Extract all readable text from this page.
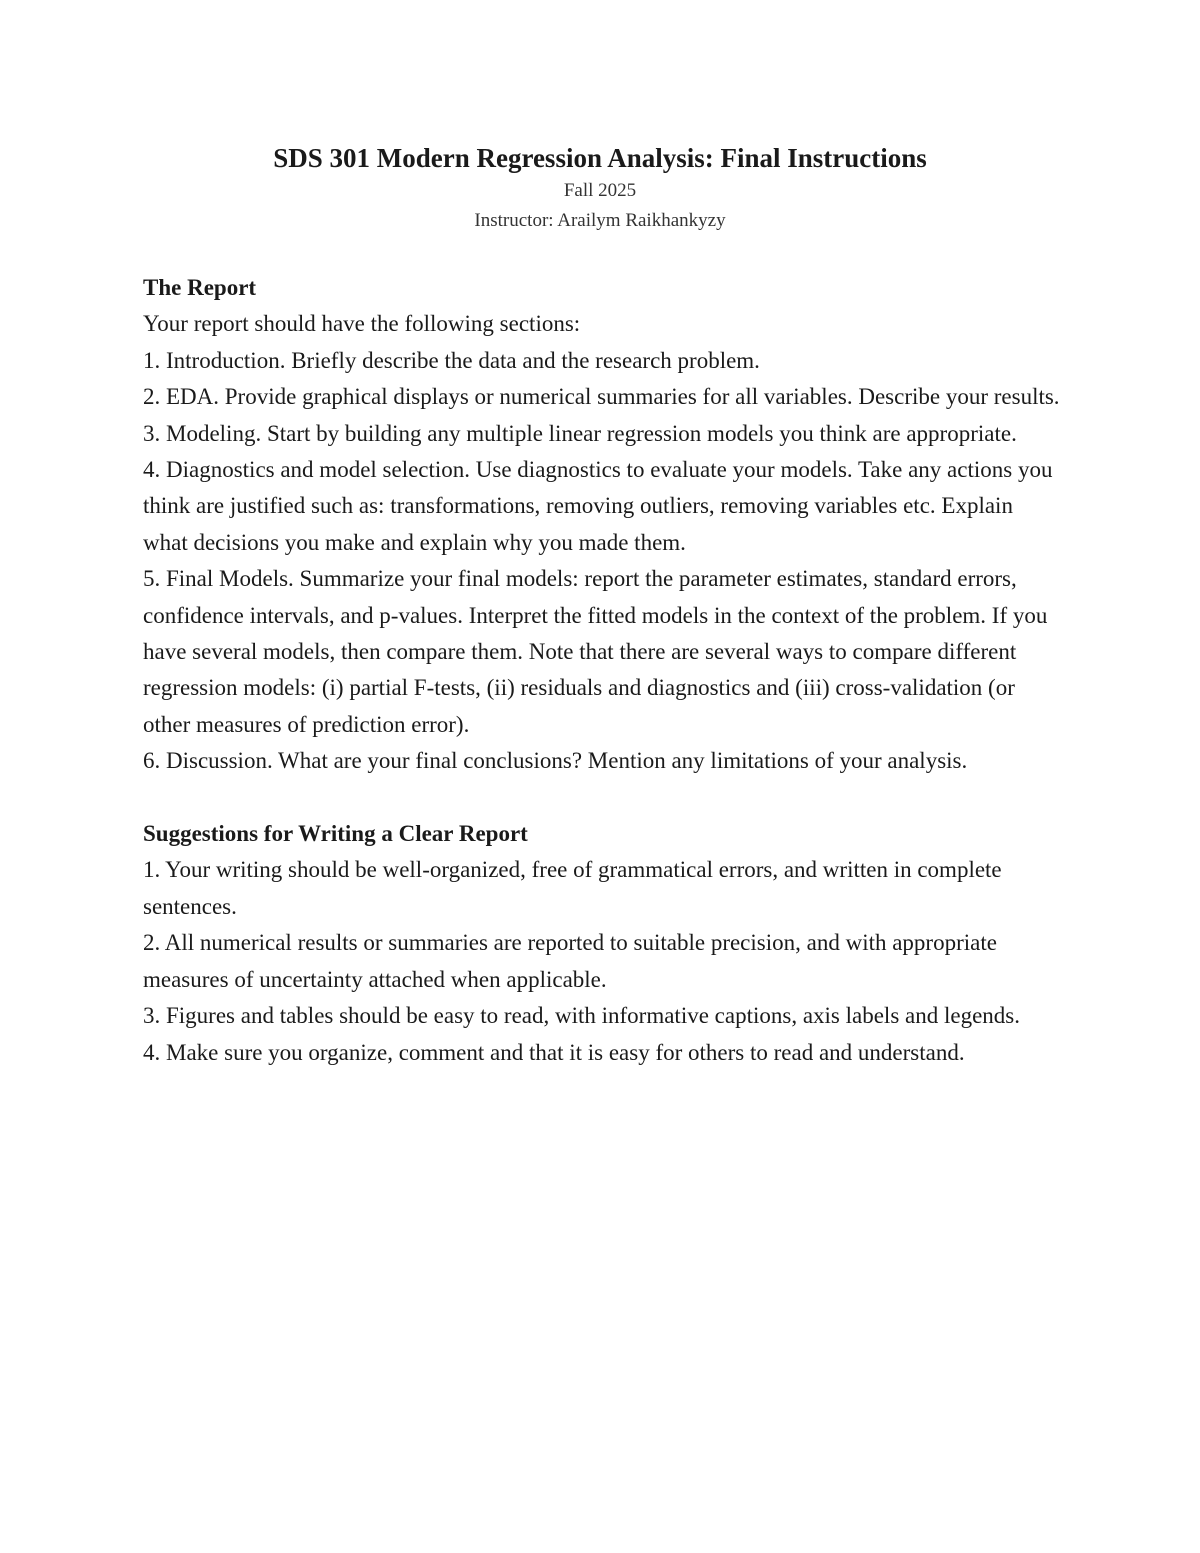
SDS 301 Modern Regression Analysis: Final Instructions

Fall 2025

Instructor: Arailym Raikhankyzy

The Report

Your report should have the following sections:

1. Introduction. Briefly describe the data and the research problem.

2. EDA. Provide graphical displays or numerical summaries for all variables. Describe your results.

3. Modeling. Start by building any multiple linear regression models you think are appropriate.

4. Diagnostics and model selection. Use diagnostics to evaluate your models. Take any actions you think are justified such as: transformations, removing outliers, removing variables etc. Explain what decisions you make and explain why you made them.

5. Final Models. Summarize your final models: report the parameter estimates, standard errors, confidence intervals, and p-values. Interpret the fitted models in the context of the problem. If you have several models, then compare them. Note that there are several ways to compare different regression models: (i) partial F-tests, (ii) residuals and diagnostics and (iii) cross-validation (or other measures of prediction error).

6. Discussion. What are your final conclusions? Mention any limitations of your analysis.

Suggestions for Writing a Clear Report

1. Your writing should be well-organized, free of grammatical errors, and written in complete sentences.

2. All numerical results or summaries are reported to suitable precision, and with appropriate measures of uncertainty attached when applicable.

3. Figures and tables should be easy to read, with informative captions, axis labels and legends.

4. Make sure you organize, comment and that it is easy for others to read and understand.
